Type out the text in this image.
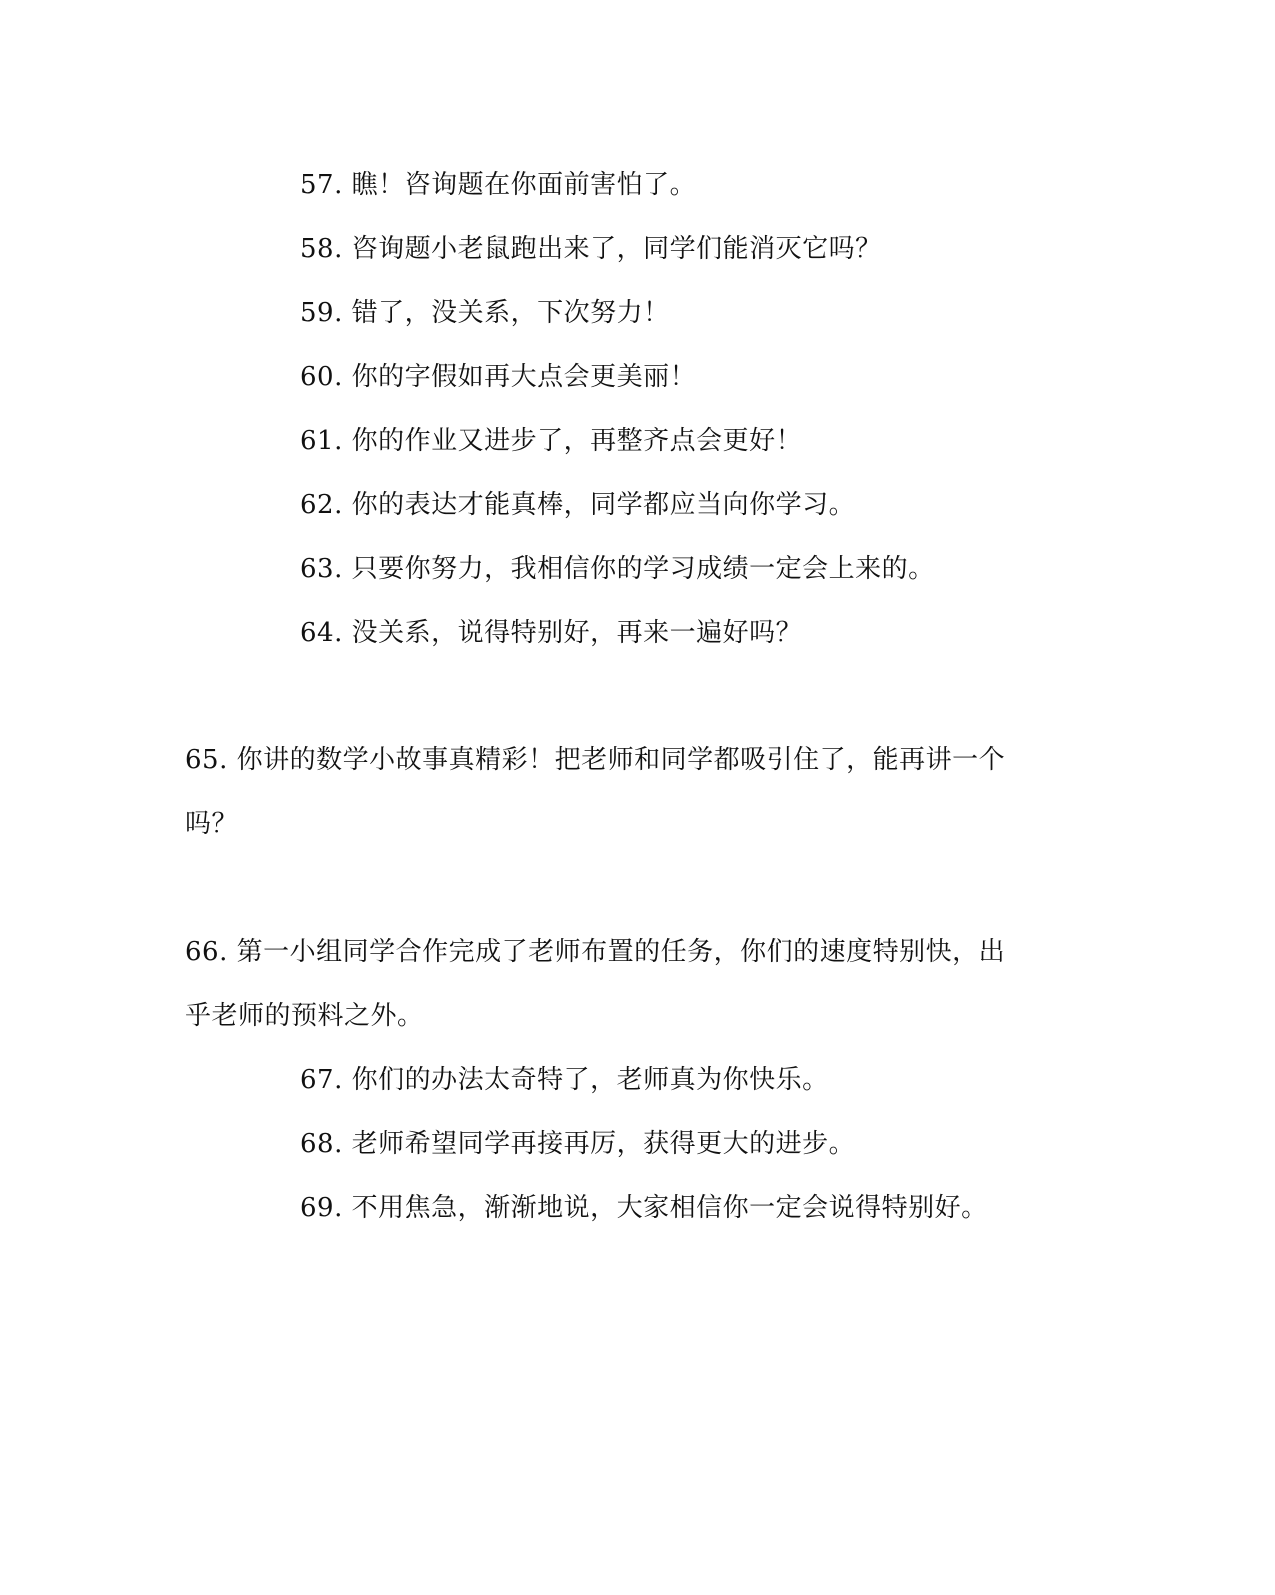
57. 瞧！咨询题在你面前害怕了。
58. 咨询题小老鼠跑出来了，同学们能消灭它吗？
59. 错了，没关系，下次努力！
60. 你的字假如再大点会更美丽！
61. 你的作业又进步了，再整齐点会更好！
62. 你的表达才能真棒，同学都应当向你学习。
63. 只要你努力，我相信你的学习成绩一定会上来的。
64. 没关系，说得特别好，再来一遍好吗？
65. 你讲的数学小故事真精彩！把老师和同学都吸引住了，能再讲一个
吗？
66. 第一小组同学合作完成了老师布置的任务，你们的速度特别快，出
乎老师的预料之外。
67. 你们的办法太奇特了，老师真为你快乐。
68. 老师希望同学再接再厉，获得更大的进步。
69. 不用焦急，渐渐地说，大家相信你一定会说得特别好。
